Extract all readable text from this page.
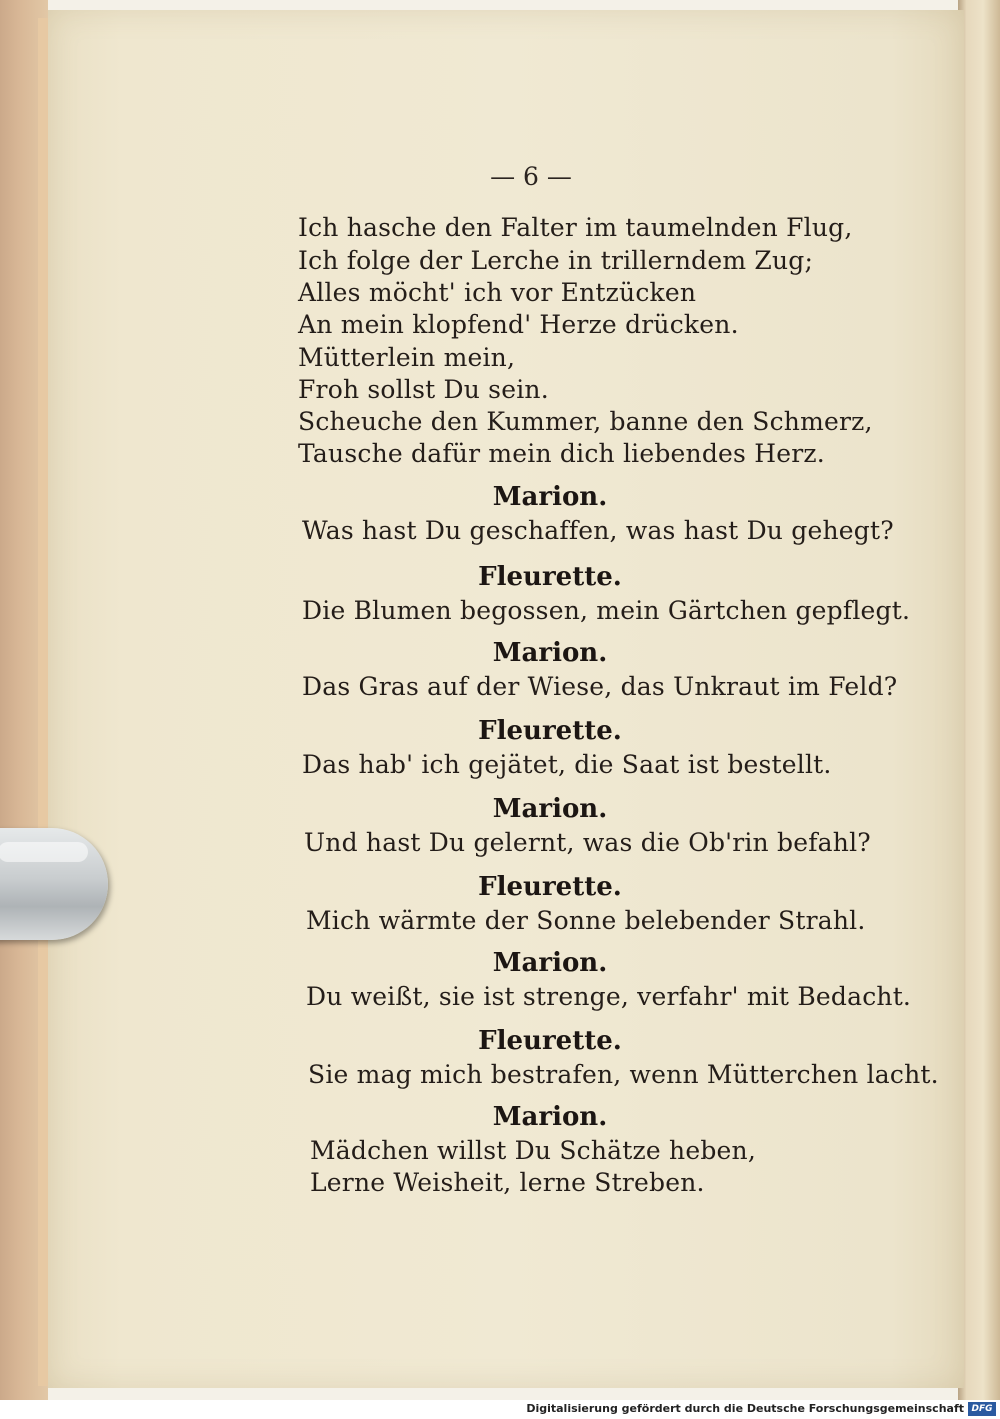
— 6 —
Ich hasche den Falter im taumelnden Flug,
Ich folge der Lerche in trillerndem Zug;
Alles möcht' ich vor Entzücken
An mein klopfend' Herze drücken.
Mütterlein mein,
Froh sollst Du sein.
Scheuche den Kummer, banne den Schmerz,
Tausche dafür mein dich liebendes Herz.
Marion.
Was hast Du geschaffen, was hast Du gehegt?
Fleurette.
Die Blumen begossen, mein Gärtchen gepflegt.
Marion.
Das Gras auf der Wiese, das Unkraut im Feld?
Fleurette.
Das hab' ich gejätet, die Saat ist bestellt.
Marion.
Und hast Du gelernt, was die Ob'rin befahl?
Fleurette.
Mich wärmte der Sonne belebender Strahl.
Marion.
Du weißt, sie ist strenge, verfahr' mit Bedacht.
Fleurette.
Sie mag mich bestrafen, wenn Mütterchen lacht.
Marion.
Mädchen willst Du Schätze heben,
Lerne Weisheit, lerne Streben.
Digitalisierung gefördert durch die Deutsche Forschungsgemeinschaft DFG
